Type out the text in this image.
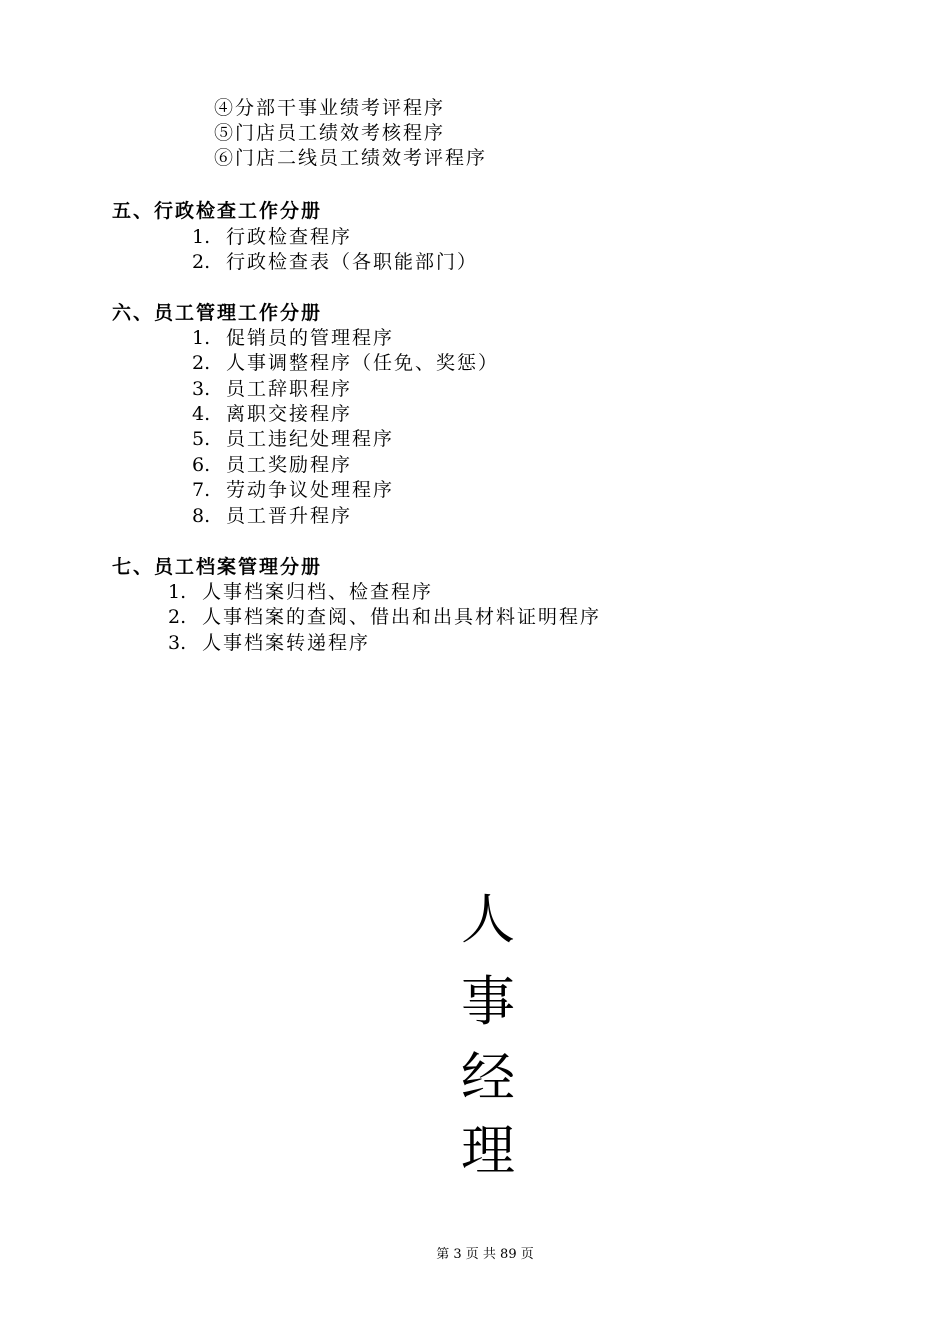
④分部干事业绩考评程序
⑤门店员工绩效考核程序
⑥门店二线员工绩效考评程序
五、行政检查工作分册
1. 行政检查程序
2. 行政检查表（各职能部门）
六、员工管理工作分册
1. 促销员的管理程序
2. 人事调整程序（任免、奖惩）
3. 员工辞职程序
4. 离职交接程序
5. 员工违纪处理程序
6. 员工奖励程序
7. 劳动争议处理程序
8. 员工晋升程序
七、员工档案管理分册
1. 人事档案归档、检查程序
2. 人事档案的查阅、借出和出具材料证明程序
3. 人事档案转递程序
人
事
经
理
第 3 页 共 89 页
